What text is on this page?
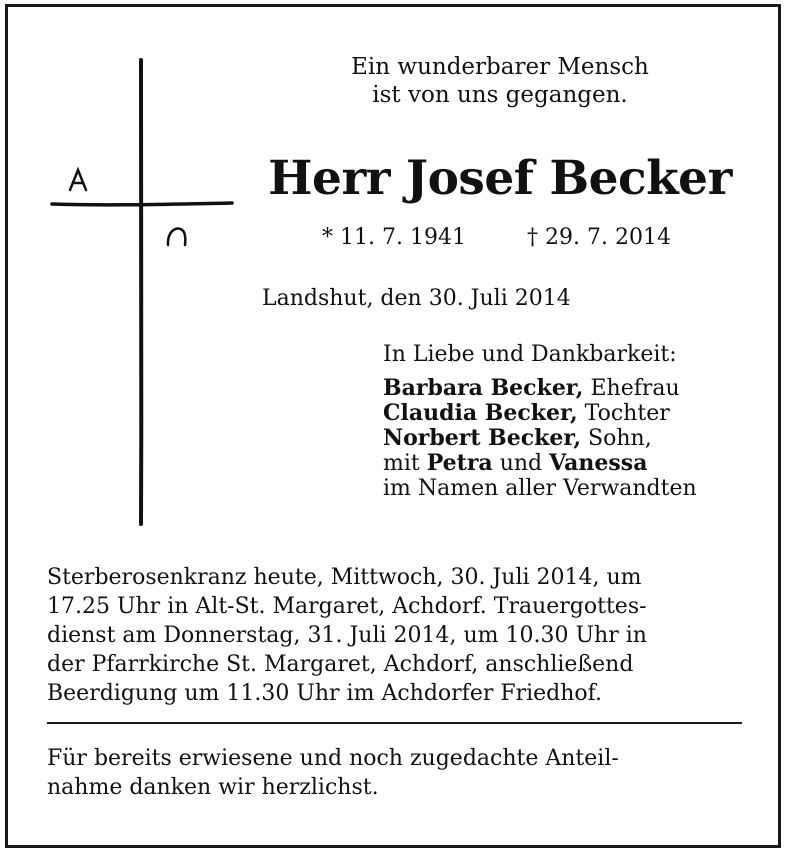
Ein wunderbarer Mensch
ist von uns gegangen.
Herr Josef Becker
* 11. 7. 1941	† 29. 7. 2014
Landshut, den 30. Juli 2014
In Liebe und Dankbarkeit:
Barbara Becker, Ehefrau
Claudia Becker, Tochter
Norbert Becker, Sohn,
mit Petra und Vanessa
im Namen aller Verwandten
Sterberosenkranz heute, Mittwoch, 30. Juli 2014, um
17.25 Uhr in Alt-St. Margaret, Achdorf. Trauergottes-
dienst am Donnerstag, 31. Juli 2014, um 10.30 Uhr in
der Pfarrkirche St. Margaret, Achdorf, anschließend
Beerdigung um 11.30 Uhr im Achdorfer Friedhof.
Für bereits erwiesene und noch zugedachte Anteil-
nahme danken wir herzlichst.
